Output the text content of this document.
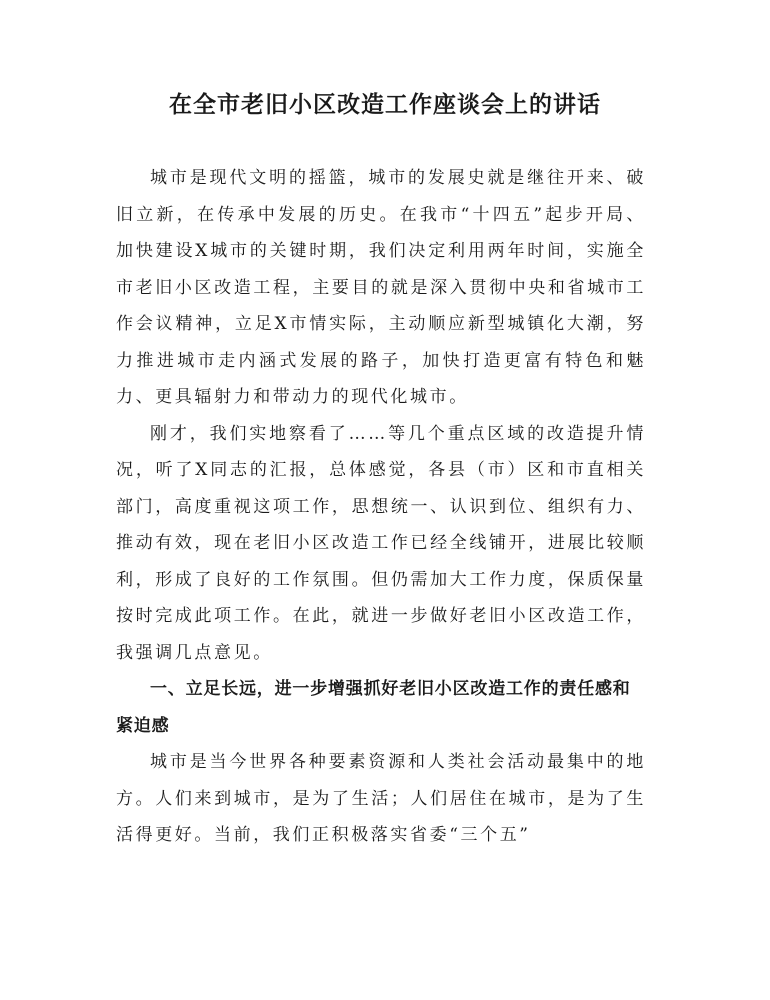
在全市老旧小区改造工作座谈会上的讲话

城市是现代文明的摇篮，城市的发展史就是继往开来、破旧立新，在传承中发展的历史。在我市“十四五”起步开局、加快建设X城市的关键时期，我们决定利用两年时间，实施全市老旧小区改造工程，主要目的就是深入贯彻中央和省城市工作会议精神，立足X市情实际，主动顺应新型城镇化大潮，努力推进城市走内涵式发展的路子，加快打造更富有特色和魅力、更具辐射力和带动力的现代化城市。

刚才，我们实地察看了……等几个重点区域的改造提升情况，听了X同志的汇报，总体感觉，各县（市）区和市直相关部门，高度重视这项工作，思想统一、认识到位、组织有力、推动有效，现在老旧小区改造工作已经全线铺开，进展比较顺利，形成了良好的工作氛围。但仍需加大工作力度，保质保量按时完成此项工作。在此，就进一步做好老旧小区改造工作，我强调几点意见。

一、立足长远，进一步增强抓好老旧小区改造工作的责任感和紧迫感

城市是当今世界各种要素资源和人类社会活动最集中的地方。人们来到城市，是为了生活；人们居住在城市，是为了生活得更好。当前，我们正积极落实省委“三个五”
